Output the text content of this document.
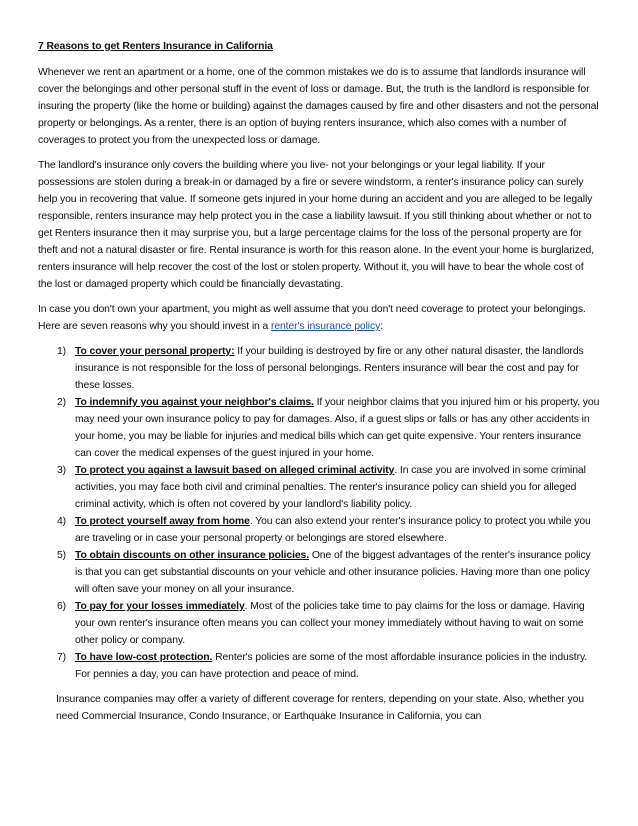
7 Reasons to get Renters Insurance in California

Whenever we rent an apartment or a home, one of the common mistakes we do is to assume that landlords insurance will cover the belongings and other personal stuff in the event of loss or damage. But, the truth is the landlord is responsible for insuring the property (like the home or building) against the damages caused by fire and other disasters and not the personal property or belongings. As a renter, there is an option of buying renters insurance, which also comes with a number of coverages to protect you from the unexpected loss or damage.

The landlord's insurance only covers the building where you live- not your belongings or your legal liability. If your possessions are stolen during a break-in or damaged by a fire or severe windstorm, a renter's insurance policy can surely help you in recovering that value. If someone gets injured in your home during an accident and you are alleged to be legally responsible, renters insurance may help protect you in the case a liability lawsuit. If you still thinking about whether or not to get Renters insurance then it may surprise you, but a large percentage claims for the loss of the personal property are for theft and not a natural disaster or fire. Rental insurance is worth for this reason alone. In the event your home is burglarized, renters insurance will help recover the cost of the lost or stolen property. Without it, you will have to bear the whole cost of the lost or damaged property which could be financially devastating.

In case you don't own your apartment, you might as well assume that you don't need coverage to protect your belongings. Here are seven reasons why you should invest in a renter's insurance policy:

1) To cover your personal property: If your building is destroyed by fire or any other natural disaster, the landlords insurance is not responsible for the loss of personal belongings. Renters insurance will bear the cost and pay for these losses.
2) To indemnify you against your neighbor's claims. If your neighbor claims that you injured him or his property, you may need your own insurance policy to pay for damages. Also, if a guest slips or falls or has any other accidents in your home, you may be liable for injuries and medical bills which can get quite expensive. Your renters insurance can cover the medical expenses of the guest injured in your home.
3) To protect you against a lawsuit based on alleged criminal activity. In case you are involved in some criminal activities, you may face both civil and criminal penalties. The renter's insurance policy can shield you for alleged criminal activity, which is often not covered by your landlord's liability policy.
4) To protect yourself away from home. You can also extend your renter's insurance policy to protect you while you are traveling or in case your personal property or belongings are stored elsewhere.
5) To obtain discounts on other insurance policies. One of the biggest advantages of the renter's insurance policy is that you can get substantial discounts on your vehicle and other insurance policies. Having more than one policy will often save your money on all your insurance.
6) To pay for your losses immediately. Most of the policies take time to pay claims for the loss or damage. Having your own renter's insurance often means you can collect your money immediately without having to wait on some other policy or company.
7) To have low-cost protection. Renter's policies are some of the most affordable insurance policies in the industry. For pennies a day, you can have protection and peace of mind.

Insurance companies may offer a variety of different coverage for renters, depending on your state. Also, whether you need Commercial Insurance, Condo Insurance, or Earthquake Insurance in California, you can
